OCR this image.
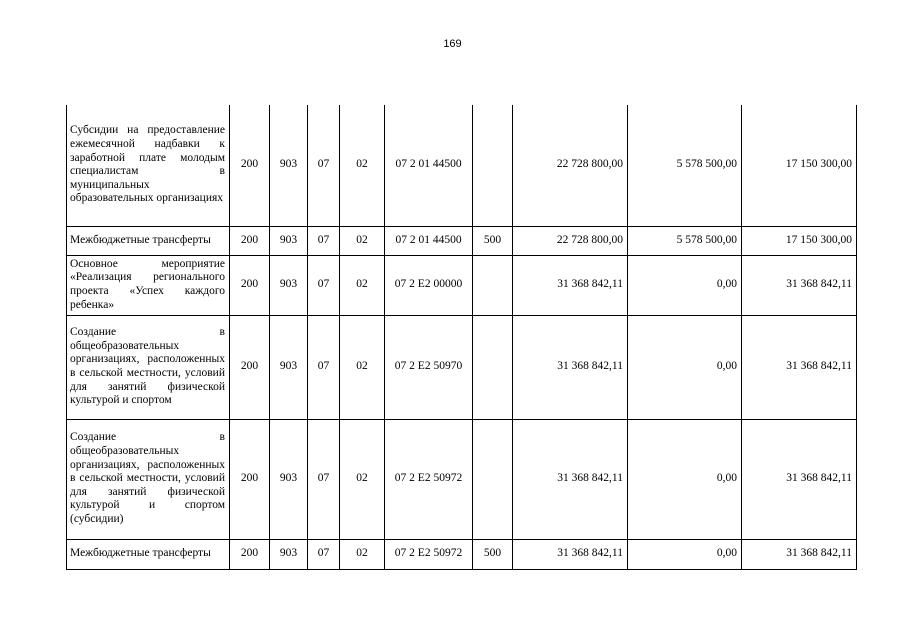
169
Субсидии на предоставление ежемесячной надбавки к заработной плате молодым специалистам в муниципальных образовательных организациях	200	903	07	02	07 2 01 44500		22 728 800,00	5 578 500,00	17 150 300,00
Межбюджетные трансферты	200	903	07	02	07 2 01 44500	500	22 728 800,00	5 578 500,00	17 150 300,00
Основное мероприятие «Реализация регионального проекта «Успех каждого ребенка»	200	903	07	02	07 2 E2 00000		31 368 842,11	0,00	31 368 842,11
Создание в общеобразовательных организациях, расположенных в сельской местности, условий для занятий физической культурой и спортом	200	903	07	02	07 2 E2 50970		31 368 842,11	0,00	31 368 842,11
Создание в общеобразовательных организациях, расположенных в сельской местности, условий для занятий физической культурой и спортом (субсидии)	200	903	07	02	07 2 E2 50972		31 368 842,11	0,00	31 368 842,11
Межбюджетные трансферты	200	903	07	02	07 2 E2 50972	500	31 368 842,11	0,00	31 368 842,11
